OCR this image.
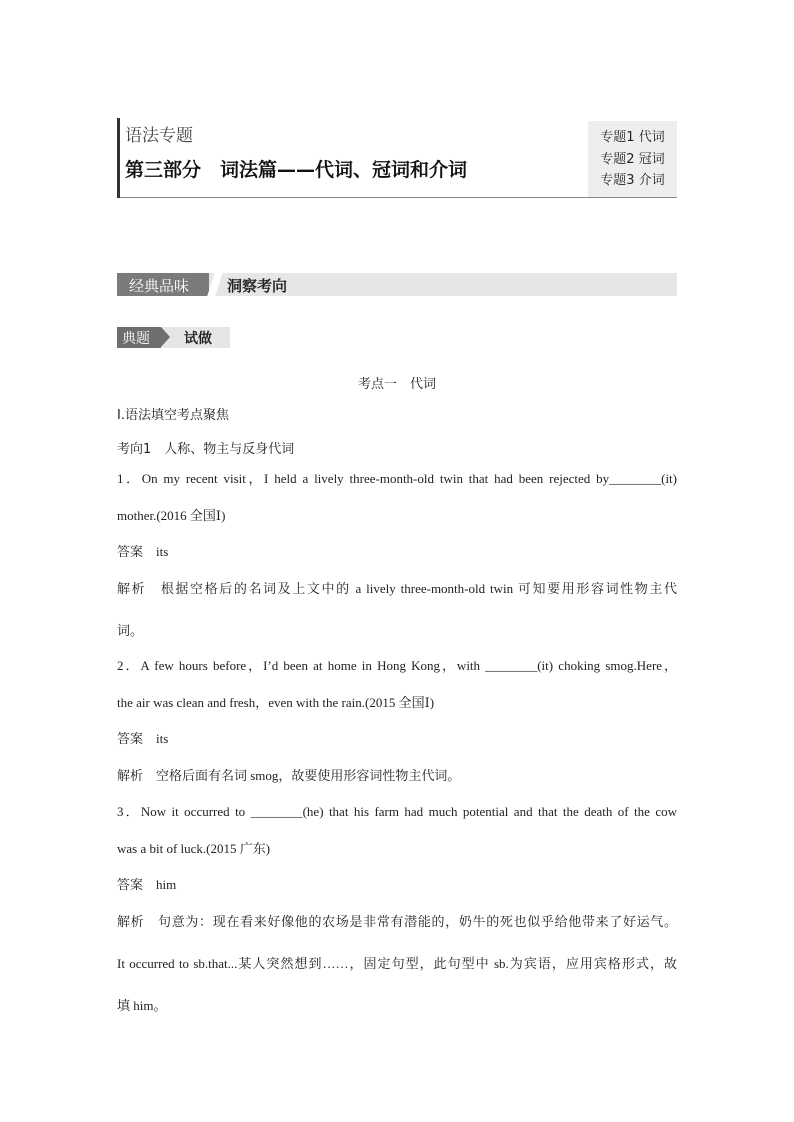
语法专题
第三部分　词法篇——代词、冠词和介词
专题1 代词
专题2 冠词
专题3 介词
经典品味	洞察考向
典题 试做
考点一　代词
Ⅰ.语法填空考点聚焦
考向1　人称、物主与反身代词
1．On my recent visit，I held a lively three-month-old twin that had been rejected by________(it)
mother.(2016 全国Ⅰ)
答案　its
解析　根据空格后的名词及上文中的 a lively three-month-old twin 可知要用形容词性物主代
词。
2．A few hours before，I’d been at home in Hong Kong，with ________(it) choking smog.Here，
the air was clean and fresh，even with the rain.(2015 全国Ⅰ)
答案　its
解析　空格后面有名词 smog，故要使用形容词性物主代词。
3．Now it occurred to ________(he) that his farm had much potential and that the death of the cow
was a bit of luck.(2015 广东)
答案　him
解析　句意为：现在看来好像他的农场是非常有潜能的，奶牛的死也似乎给他带来了好运气。
It occurred to sb.that...某人突然想到……，固定句型，此句型中 sb.为宾语，应用宾格形式，故
填 him。
